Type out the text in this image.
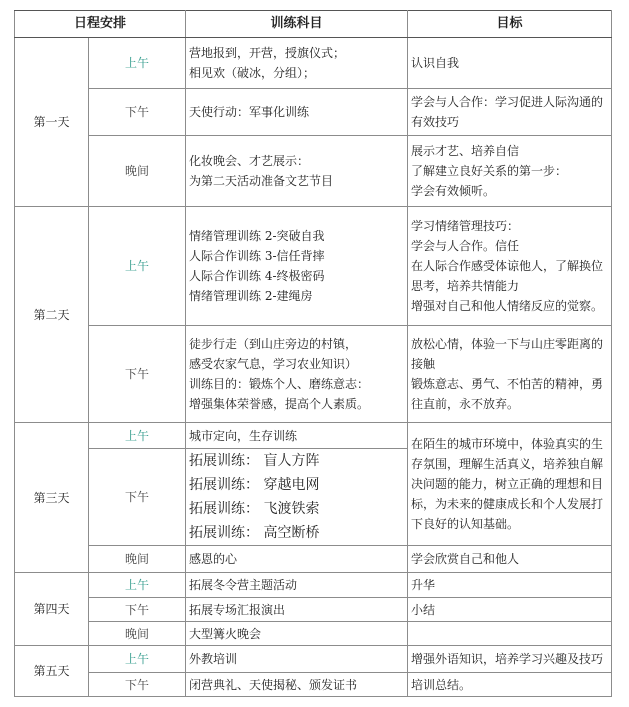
日程安排		训练科目	目标
第一天	上午	营地报到，开营，授旗仪式；
相见欢（破冰，分组）；	认识自我

	下午	天使行动：军事化训练	学会与人合作：学习促进人际沟通的
有效技巧

	晚间	化妆晚会、才艺展示：
为第二天活动准备文艺节目	展示才艺、培养自信
了解建立良好关系的第一步：
学会有效倾听。

第二天	上午	情绪管理训练 2-突破自我
人际合作训练 3-信任背摔
人际合作训练 4-终极密码
情绪管理训练 2-建绳房	学习情绪管理技巧：
学会与人合作。信任
在人际合作感受体谅他人，了解换位
思考，培养共情能力
增强对自己和他人情绪反应的觉察。

	下午	徒步行走（到山庄旁边的村镇，
感受农家气息，学习农业知识）
训练目的：锻炼个人、磨练意志：
增强集体荣誉感，提高个人素质。	放松心情，体验一下与山庄零距离的
接触
锻炼意志、勇气、不怕苦的精神，勇
往直前，永不放弃。

第三天	上午	城市定向，生存训练	在陌生的城市环境中，体验真实的生
存氛围，理解生活真义，培养独自解
决问题的能力，树立正确的理想和目
标，为未来的健康成长和个人发展打
下良好的认知基础。

	下午	拓展训练： 盲人方阵
拓展训练： 穿越电网
拓展训练： 飞渡铁索
拓展训练： 高空断桥	

	晚间	感恩的心	学会欣赏自己和他人

第四天	上午	拓展冬令营主题活动	升华

	下午	拓展专场汇报演出	小结

	晚间	大型篝火晚会	

第五天	上午	外教培训	增强外语知识，培养学习兴趣及技巧

	下午	闭营典礼、天使揭秘、颁发证书	培训总结。
